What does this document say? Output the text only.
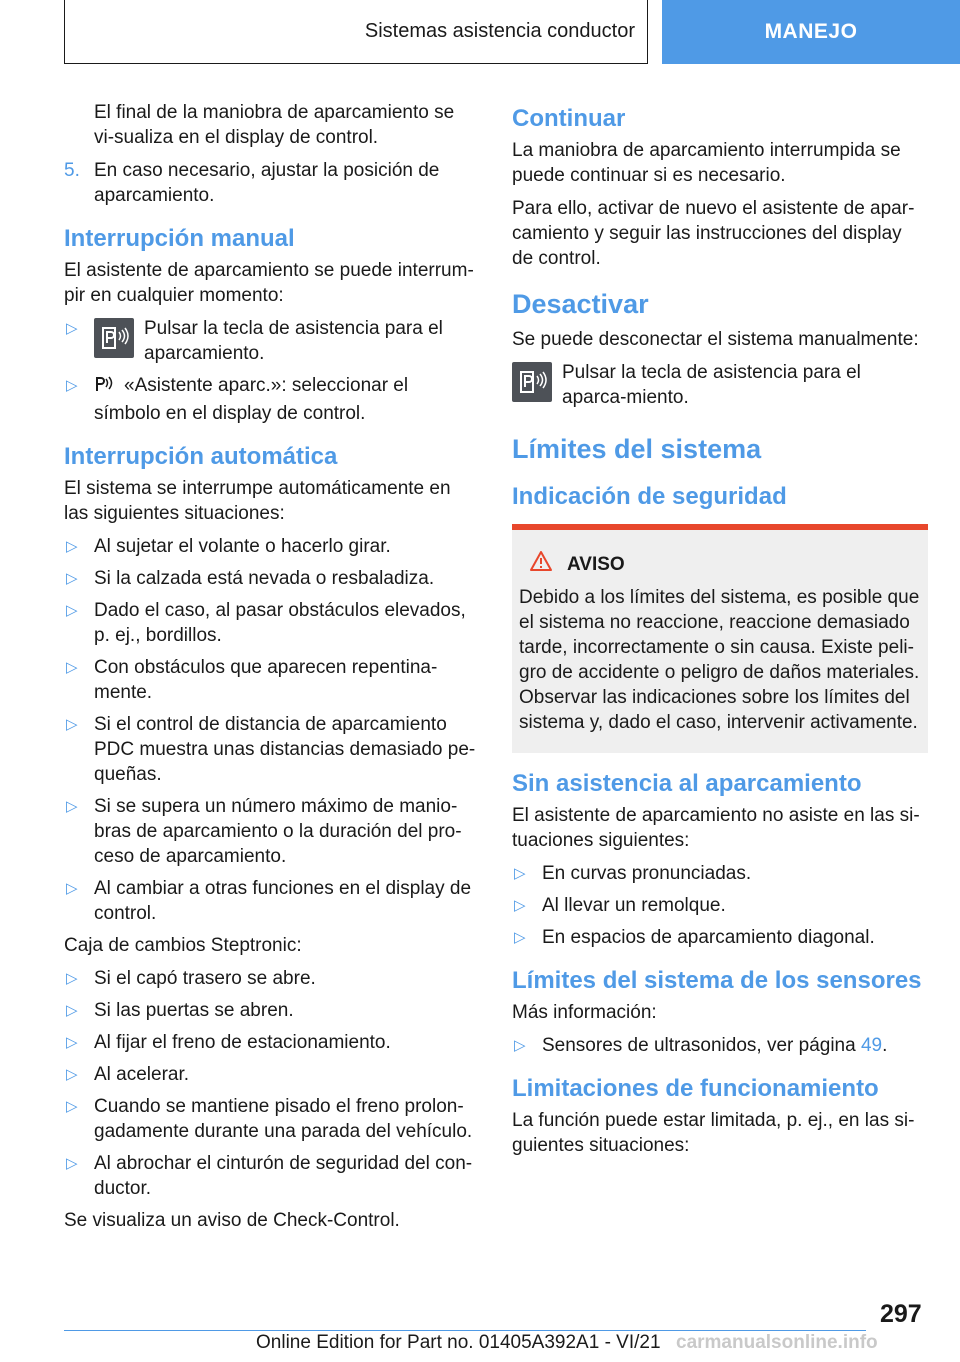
Sistemas asistencia conductor	MANEJO

El final de la maniobra de aparcamiento se vi-sualiza en el display de control.

5. En caso necesario, ajustar la posición de aparcamiento.
Interrupción manual

El asistente de aparcamiento se puede interrum-pir en cualquier momento:

▷	Pulsar la tecla de asistencia para el aparcamiento.
▷ «Asistente aparc.»: seleccionar el símbolo en el display de control.
Interrupción automática

El sistema se interrumpe automáticamente en las siguientes situaciones:

▷ Al sujetar el volante o hacerlo girar.
▷ Si la calzada está nevada o resbaladiza.
▷ Dado el caso, al pasar obstáculos elevados, p. ej., bordillos.
▷ Con obstáculos que aparecen repentina-mente.
▷ Si el control de distancia de aparcamiento PDC muestra unas distancias demasiado pe-queñas.
▷ Si se supera un número máximo de manio-bras de aparcamiento o la duración del pro-ceso de aparcamiento.
▷ Al cambiar a otras funciones en el display de control.

Caja de cambios Steptronic:

▷ Si el capó trasero se abre.
▷ Si las puertas se abren.
▷ Al fijar el freno de estacionamiento.
▷ Al acelerar.
▷ Cuando se mantiene pisado el freno prolon-gadamente durante una parada del vehículo.
▷ Al abrochar el cinturón de seguridad del con-ductor.

Se visualiza un aviso de Check-Control.

Continuar

La maniobra de aparcamiento interrumpida se puede continuar si es necesario.

Para ello, activar de nuevo el asistente de apar-camiento y seguir las instrucciones del display de control.

Desactivar

Se puede desconectar el sistema manualmente:

Pulsar la tecla de asistencia para el aparca-miento.
Límites del sistema
Indicación de seguridad
AVISO
Debido a los límites del sistema, es posible que el sistema no reaccione, reaccione demasiado tarde, incorrectamente o sin causa. Existe peli-gro de accidente o peligro de daños materiales. Observar las indicaciones sobre los límites del sistema y, dado el caso, intervenir activamente.
Sin asistencia al aparcamiento

El asistente de aparcamiento no asiste en las si-tuaciones siguientes:

▷ En curvas pronunciadas.
▷ Al llevar un remolque.
▷ En espacios de aparcamiento diagonal.
Límites del sistema de los sensores

Más información:

▷ Sensores de ultrasonidos, ver página 49.
Limitaciones de funcionamiento

La función puede estar limitada, p. ej., en las si-guientes situaciones:

297
Online Edition for Part no. 01405A392A1 - VI/21 carmanualsonline.info
